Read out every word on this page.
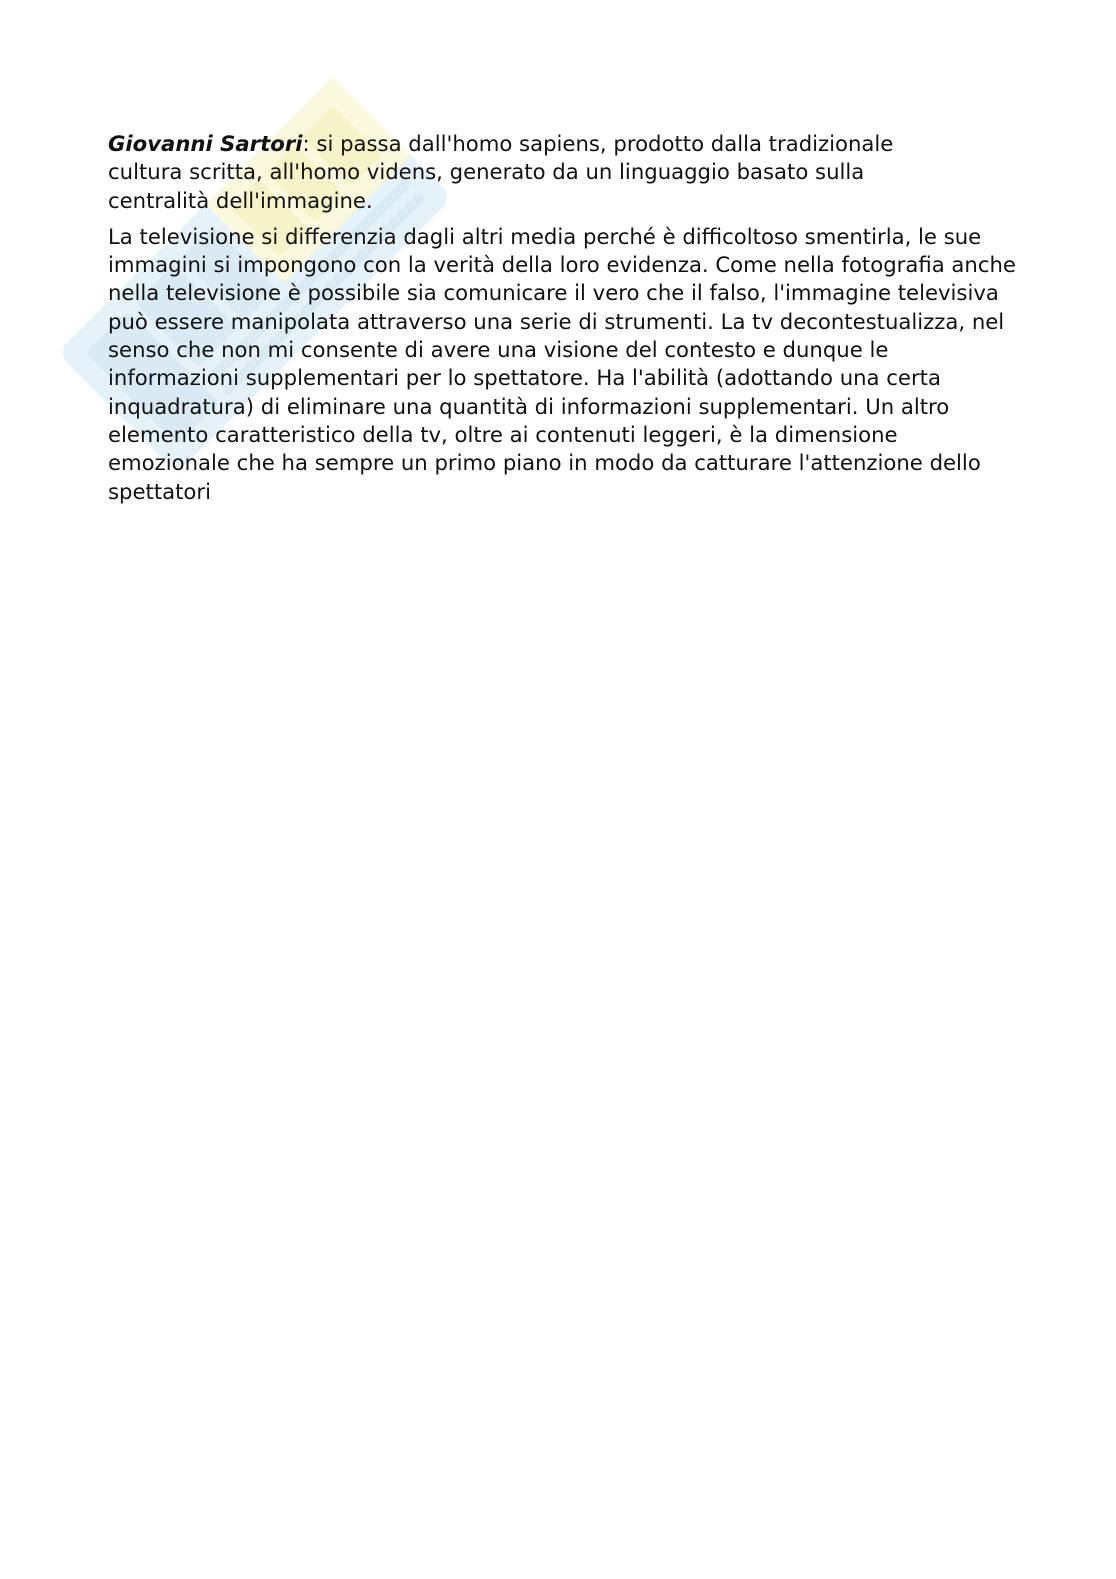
Giovanni Sartori: si passa dall'homo sapiens, prodotto dalla tradizionale cultura scritta, all'homo videns, generato da un linguaggio basato sulla centralità dell'immagine.

La televisione si differenzia dagli altri media perché è difficoltoso smentirla, le sue immagini si impongono con la verità della loro evidenza. Come nella fotografia anche nella televisione è possibile sia comunicare il vero che il falso, l'immagine televisiva può essere manipolata attraverso una serie di strumenti. La tv decontestualizza, nel senso che non mi consente di avere una visione del contesto e dunque le informazioni supplementari per lo spettatore. Ha l'abilità (adottando una certa inquadratura) di eliminare una quantità di informazioni supplementari. Un altro elemento caratteristico della tv, oltre ai contenuti leggeri, è la dimensione emozionale che ha sempre un primo piano in modo da catturare l'attenzione dello spettatori
